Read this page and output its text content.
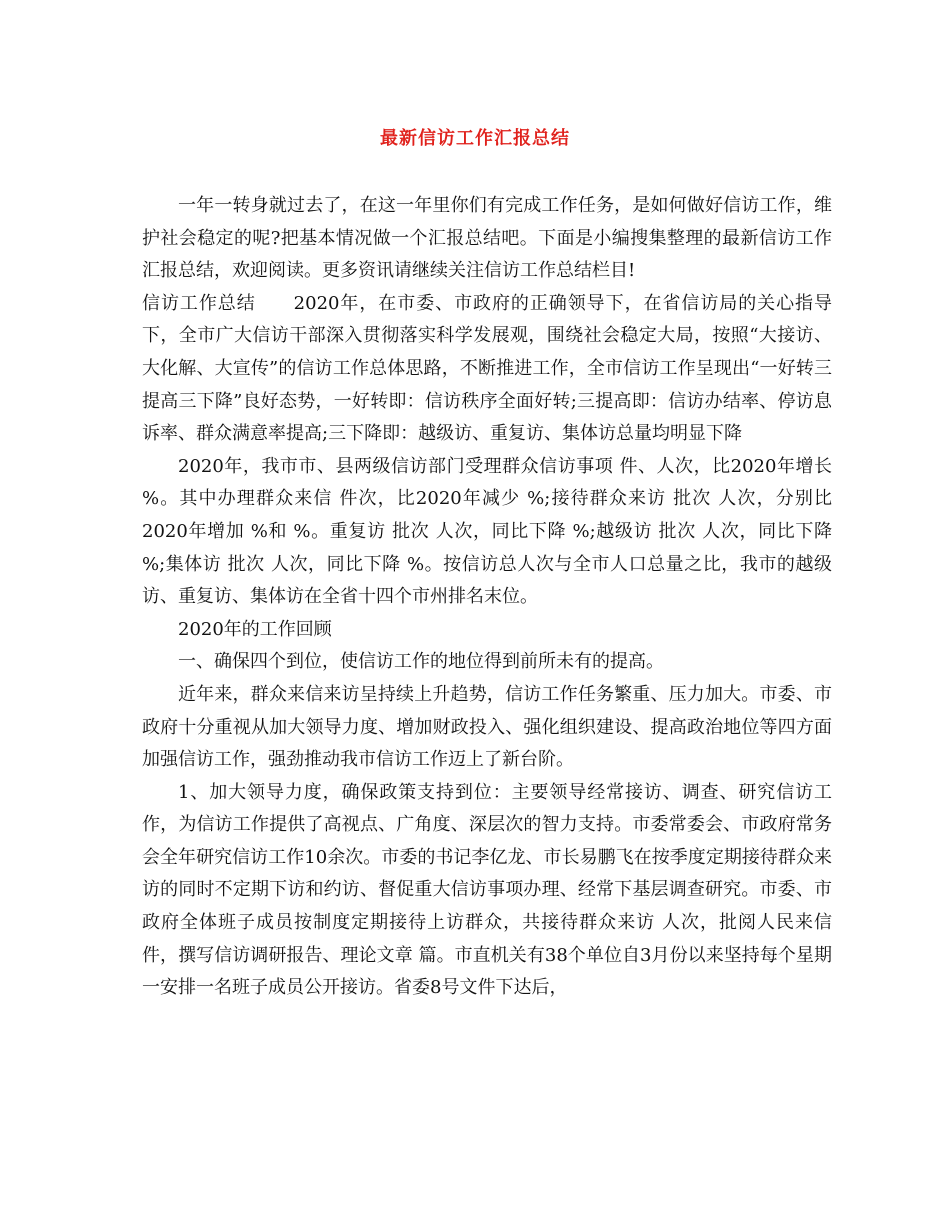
最新信访工作汇报总结

一年一转身就过去了，在这一年里你们有完成工作任务，是如何做好信访工作，维护社会稳定的呢?把基本情况做一个汇报总结吧。下面是小编搜集整理的最新信访工作汇报总结，欢迎阅读。更多资讯请继续关注信访工作总结栏目!

信访工作总结 2020年，在市委、市政府的正确领导下，在省信访局的关心指导下，全市广大信访干部深入贯彻落实科学发展观，围绕社会稳定大局，按照“大接访、大化解、大宣传”的信访工作总体思路，不断推进工作，全市信访工作呈现出“一好转三提高三下降”良好态势，一好转即：信访秩序全面好转;三提高即：信访办结率、停访息诉率、群众满意率提高;三下降即：越级访、重复访、集体访总量均明显下降

2020年，我市市、县两级信访部门受理群众信访事项 件、人次，比2020年增长 %。其中办理群众来信 件次，比2020年减少 %;接待群众来访 批次 人次，分别比2020年增加 %和 %。重复访 批次 人次，同比下降 %;越级访 批次 人次，同比下降 %;集体访 批次 人次，同比下降 %。按信访总人次与全市人口总量之比，我市的越级访、重复访、集体访在全省十四个市州排名末位。

2020年的工作回顾

一、确保四个到位，使信访工作的地位得到前所未有的提高。

近年来，群众来信来访呈持续上升趋势，信访工作任务繁重、压力加大。市委、市政府十分重视从加大领导力度、增加财政投入、强化组织建设、提高政治地位等四方面加强信访工作，强劲推动我市信访工作迈上了新台阶。

1、加大领导力度，确保政策支持到位：主要领导经常接访、调查、研究信访工作，为信访工作提供了高视点、广角度、深层次的智力支持。市委常委会、市政府常务会全年研究信访工作10余次。市委的书记李亿龙、市长易鹏飞在按季度定期接待群众来访的同时不定期下访和约访、督促重大信访事项办理、经常下基层调查研究。市委、市政府全体班子成员按制度定期接待上访群众，共接待群众来访 人次，批阅人民来信 件，撰写信访调研报告、理论文章 篇。市直机关有38个单位自3月份以来坚持每个星期一安排一名班子成员公开接访。省委8号文件下达后，
